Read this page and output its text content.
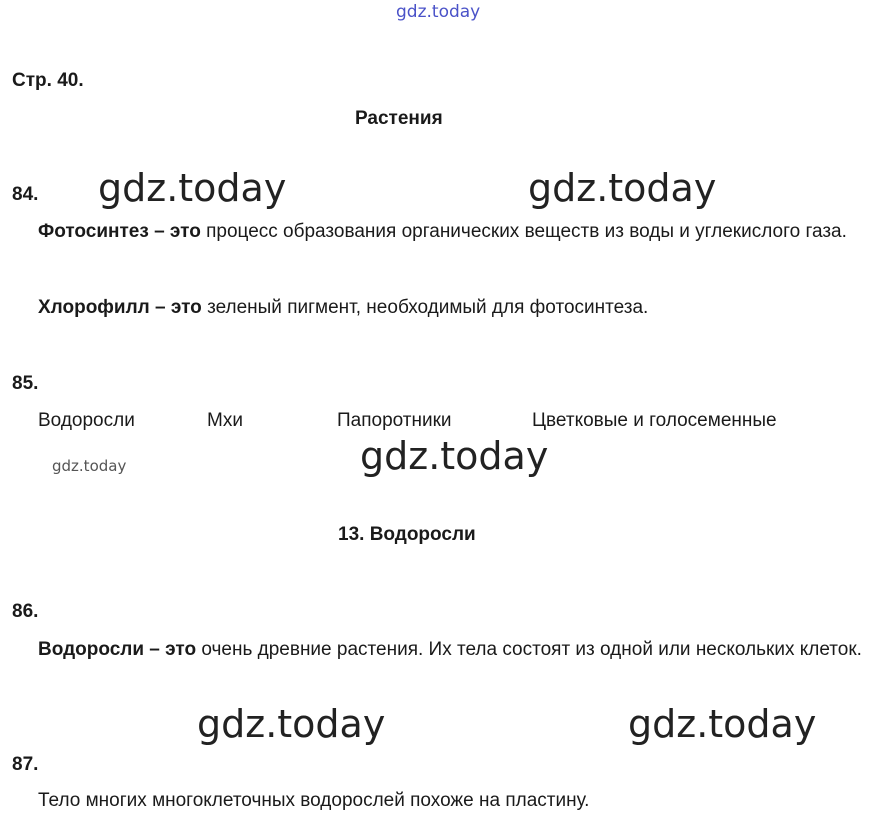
gdz.today
Стр. 40.
Растения
84. gdz.today	gdz.today
Фотосинтез – это процесс образования органических веществ из воды и углекислого газа.
Хлорофилл – это зеленый пигмент, необходимый для фотосинтеза.
85.
Водоросли	Мхи	Папоротники	Цветковые и голосеменные
gdz.today	gdz.today
13. Водоросли
86.
Водоросли – это очень древние растения. Их тела состоят из одной или нескольких клеток.
gdz.today	gdz.today
87.
Тело многих многоклеточных водорослей похоже на пластину.
